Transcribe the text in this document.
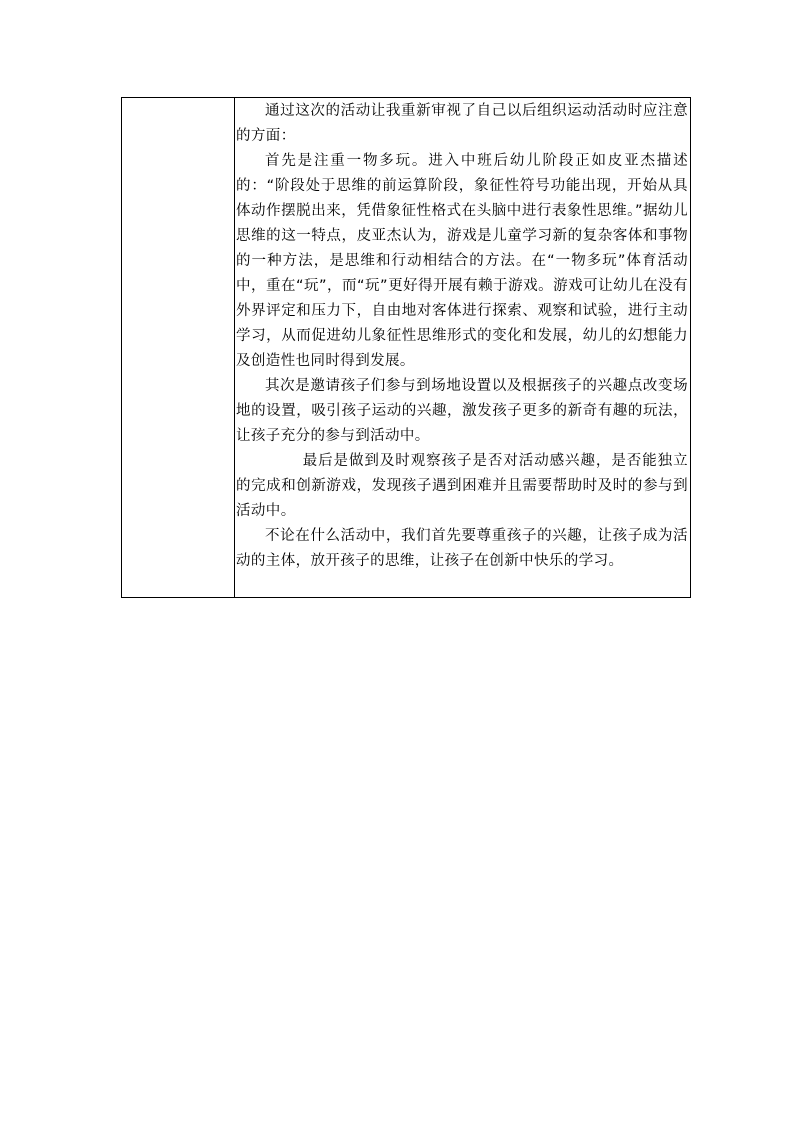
通过这次的活动让我重新审视了自己以后组织运动活动时应注意的方面：

首先是注重一物多玩。进入中班后幼儿阶段正如皮亚杰描述的：“阶段处于思维的前运算阶段，象征性符号功能出现，开始从具体动作摆脱出来，凭借象征性格式在头脑中进行表象性思维。”据幼儿思维的这一特点，皮亚杰认为，游戏是儿童学习新的复杂客体和事物的一种方法，是思维和行动相结合的方法。在“一物多玩”体育活动中，重在“玩”，而“玩”更好得开展有赖于游戏。游戏可让幼儿在没有外界评定和压力下，自由地对客体进行探索、观察和试验，进行主动学习，从而促进幼儿象征性思维形式的变化和发展，幼儿的幻想能力及创造性也同时得到发展。

其次是邀请孩子们参与到场地设置以及根据孩子的兴趣点改变场地的设置，吸引孩子运动的兴趣，激发孩子更多的新奇有趣的玩法，让孩子充分的参与到活动中。

最后是做到及时观察孩子是否对活动感兴趣，是否能独立的完成和创新游戏，发现孩子遇到困难并且需要帮助时及时的参与到活动中。

不论在什么活动中，我们首先要尊重孩子的兴趣，让孩子成为活动的主体，放开孩子的思维，让孩子在创新中快乐的学习。
